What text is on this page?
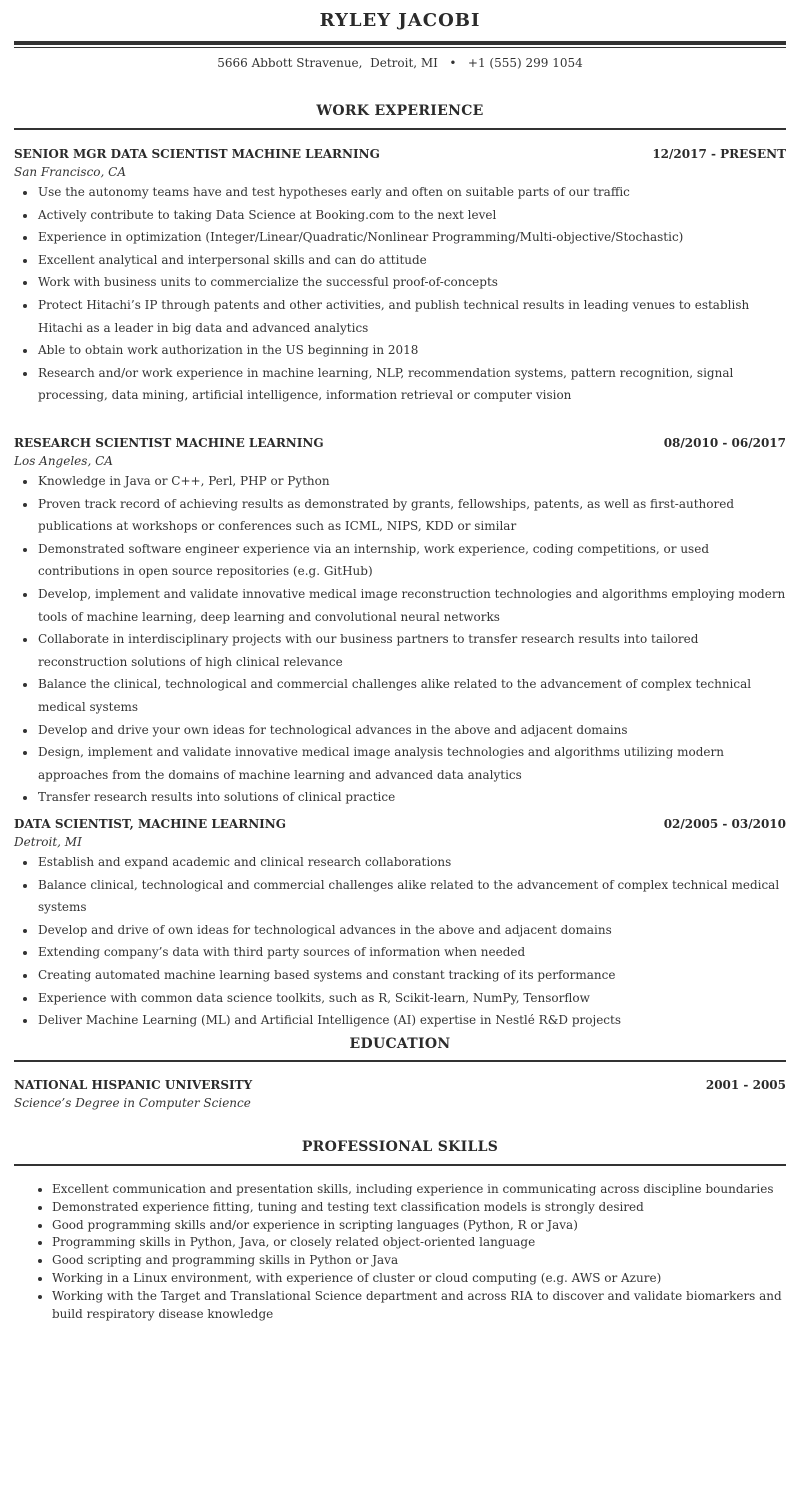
RYLEY JACOBI
5666 Abbott Stravenue,  Detroit, MI • +1 (555) 299 1054
WORK EXPERIENCE
SENIOR MGR DATA SCIENTIST MACHINE LEARNING	12/2017 - PRESENT
San Francisco, CA
• Use the autonomy teams have and test hypotheses early and often on suitable parts of our traffic
• Actively contribute to taking Data Science at Booking.com to the next level
• Experience in optimization (Integer/Linear/Quadratic/Nonlinear Programming/Multi-objective/Stochastic)
• Excellent analytical and interpersonal skills and can do attitude
• Work with business units to commercialize the successful proof-of-concepts
• Protect Hitachi’s IP through patents and other activities, and publish technical results in leading venues to establish Hitachi as a leader in big data and advanced analytics
• Able to obtain work authorization in the US beginning in 2018
• Research and/or work experience in machine learning, NLP, recommendation systems, pattern recognition, signal processing, data mining, artificial intelligence, information retrieval or computer vision
RESEARCH SCIENTIST MACHINE LEARNING	08/2010 - 06/2017
Los Angeles, CA
• Knowledge in Java or C++, Perl, PHP or Python
• Proven track record of achieving results as demonstrated by grants, fellowships, patents, as well as first-authored publications at workshops or conferences such as ICML, NIPS, KDD or similar
• Demonstrated software engineer experience via an internship, work experience, coding competitions, or used contributions in open source repositories (e.g. GitHub)
• Develop, implement and validate innovative medical image reconstruction technologies and algorithms employing modern tools of machine learning, deep learning and convolutional neural networks
• Collaborate in interdisciplinary projects with our business partners to transfer research results into tailored reconstruction solutions of high clinical relevance
• Balance the clinical, technological and commercial challenges alike related to the advancement of complex technical medical systems
• Develop and drive your own ideas for technological advances in the above and adjacent domains
• Design, implement and validate innovative medical image analysis technologies and algorithms utilizing modern approaches from the domains of machine learning and advanced data analytics
• Transfer research results into solutions of clinical practice
DATA SCIENTIST, MACHINE LEARNING	02/2005 - 03/2010
Detroit, MI
• Establish and expand academic and clinical research collaborations
• Balance clinical, technological and commercial challenges alike related to the advancement of complex technical medical systems
• Develop and drive of own ideas for technological advances in the above and adjacent domains
• Extending company’s data with third party sources of information when needed
• Creating automated machine learning based systems and constant tracking of its performance
• Experience with common data science toolkits, such as R, Scikit-learn, NumPy, Tensorflow
• Deliver Machine Learning (ML) and Artificial Intelligence (AI) expertise in Nestlé R&D projects
EDUCATION
NATIONAL HISPANIC UNIVERSITY	2001 - 2005
Science’s Degree in Computer Science
PROFESSIONAL SKILLS
• Excellent communication and presentation skills, including experience in communicating across discipline boundaries
• Demonstrated experience fitting, tuning and testing text classification models is strongly desired
• Good programming skills and/or experience in scripting languages (Python, R or Java)
• Programming skills in Python, Java, or closely related object-oriented language
• Good scripting and programming skills in Python or Java
• Working in a Linux environment, with experience of cluster or cloud computing (e.g. AWS or Azure)
• Working with the Target and Translational Science department and across RIA to discover and validate biomarkers and build respiratory disease knowledge
